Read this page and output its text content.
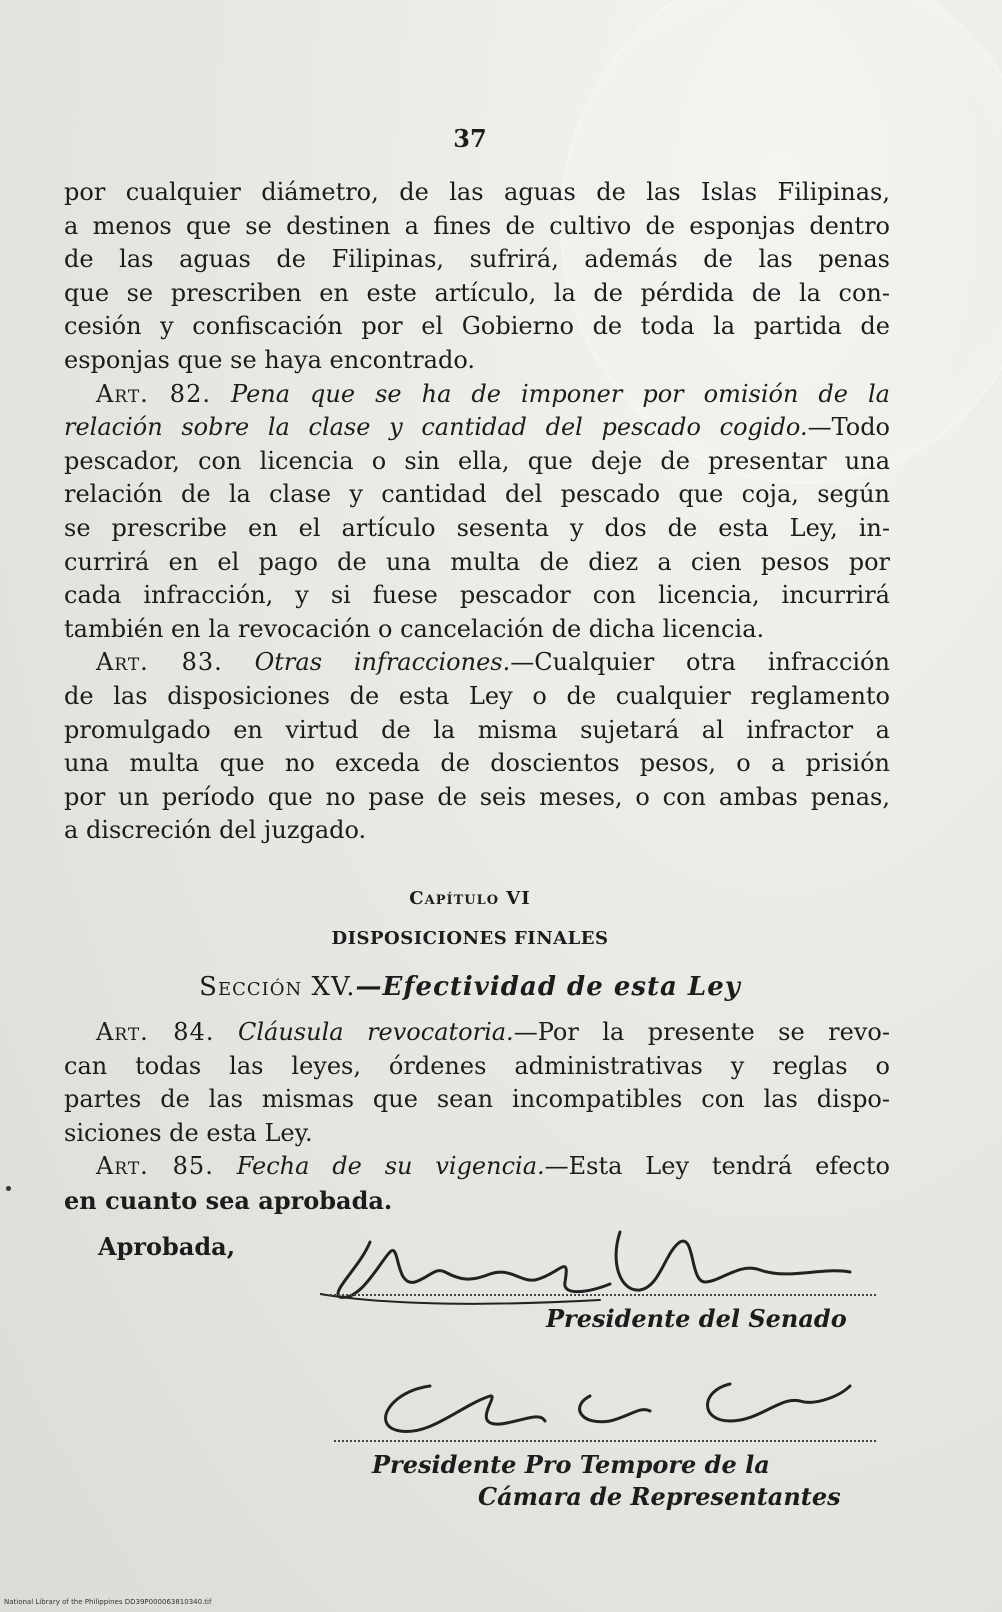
37
por cualquier diámetro, de las aguas de las Islas Filipinas,
a menos que se destinen a fines de cultivo de esponjas dentro
de las aguas de Filipinas, sufrirá, además de las penas
que se prescriben en este artículo, la de pérdida de la con-
cesión y confiscación por el Gobierno de toda la partida de
esponjas que se haya encontrado.
Art. 82. Pena que se ha de imponer por omisión de la
relación sobre la clase y cantidad del pescado cogido.—Todo
pescador, con licencia o sin ella, que deje de presentar una
relación de la clase y cantidad del pescado que coja, según
se prescribe en el artículo sesenta y dos de esta Ley, in-
currirá en el pago de una multa de diez a cien pesos por
cada infracción, y si fuese pescador con licencia, incurrirá
también en la revocación o cancelación de dicha licencia.
Art. 83. Otras infracciones.—Cualquier otra infracción
de las disposiciones de esta Ley o de cualquier reglamento
promulgado en virtud de la misma sujetará al infractor a
una multa que no exceda de doscientos pesos, o a prisión
por un período que no pase de seis meses, o con ambas penas,
a discreción del juzgado.
Capítulo VI
DISPOSICIONES FINALES
Sección XV.—Efectividad de esta Ley
Art. 84. Cláusula revocatoria.—Por la presente se revo-
can todas las leyes, órdenes administrativas y reglas o
partes de las mismas que sean incompatibles con las dispo-
siciones de esta Ley.
Art. 85. Fecha de su vigencia.—Esta Ley tendrá efecto
en cuanto sea aprobada.
Aprobada,
Presidente del Senado
Presidente Pro Tempore de la
Cámara de Representantes
National Library of the Philippines DD39P000063810340.tif
